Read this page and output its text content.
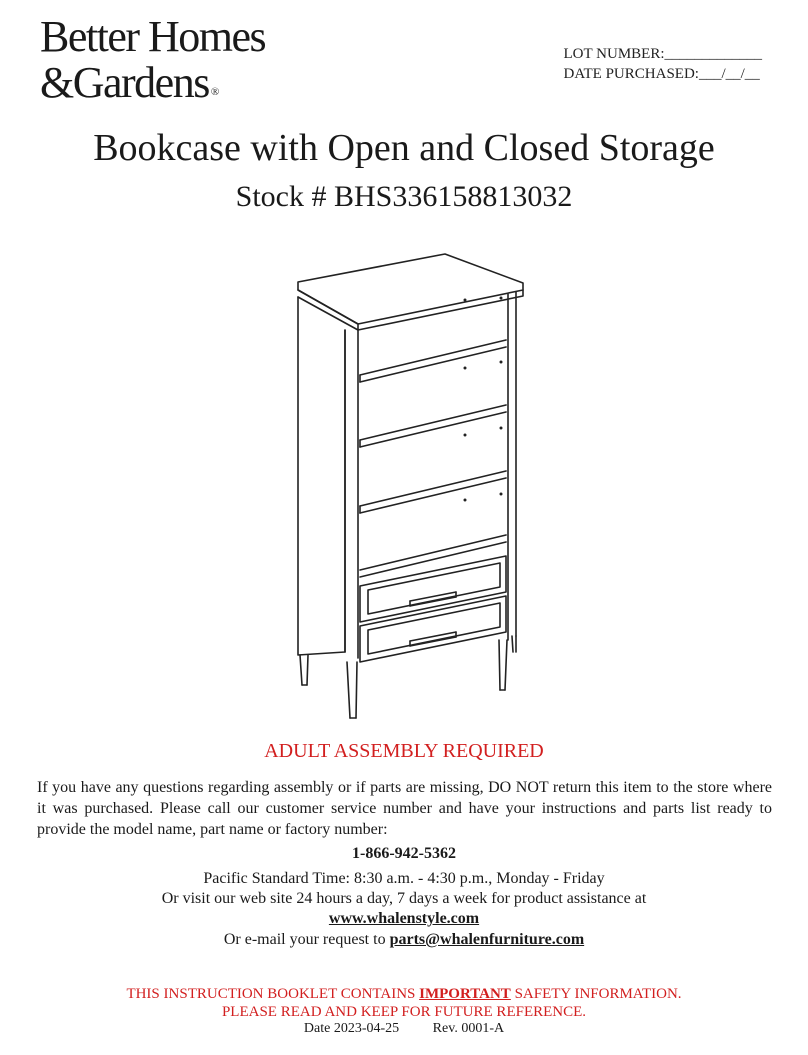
Better Homes
&Gardens ®
LOT NUMBER:_____________
DATE PURCHASED:___/__/__
Bookcase with Open and Closed Storage
Stock # BHS336158813032
ADULT ASSEMBLY REQUIRED
If you have any questions regarding assembly or if parts are missing, DO NOT return this item to the store where it was purchased. Please call our customer service number and have your instructions and parts list ready to provide the model name, part name or factory number:
1-866-942-5362
Pacific Standard Time: 8:30 a.m. - 4:30 p.m., Monday - Friday
Or visit our web site 24 hours a day, 7 days a week for product assistance at
www.whalenstyle.com
Or e-mail your request to parts@whalenfurniture.com
THIS INSTRUCTION BOOKLET CONTAINS IMPORTANT SAFETY INFORMATION.
PLEASE READ AND KEEP FOR FUTURE REFERENCE.
Date 2023-04-25 Rev. 0001-A
